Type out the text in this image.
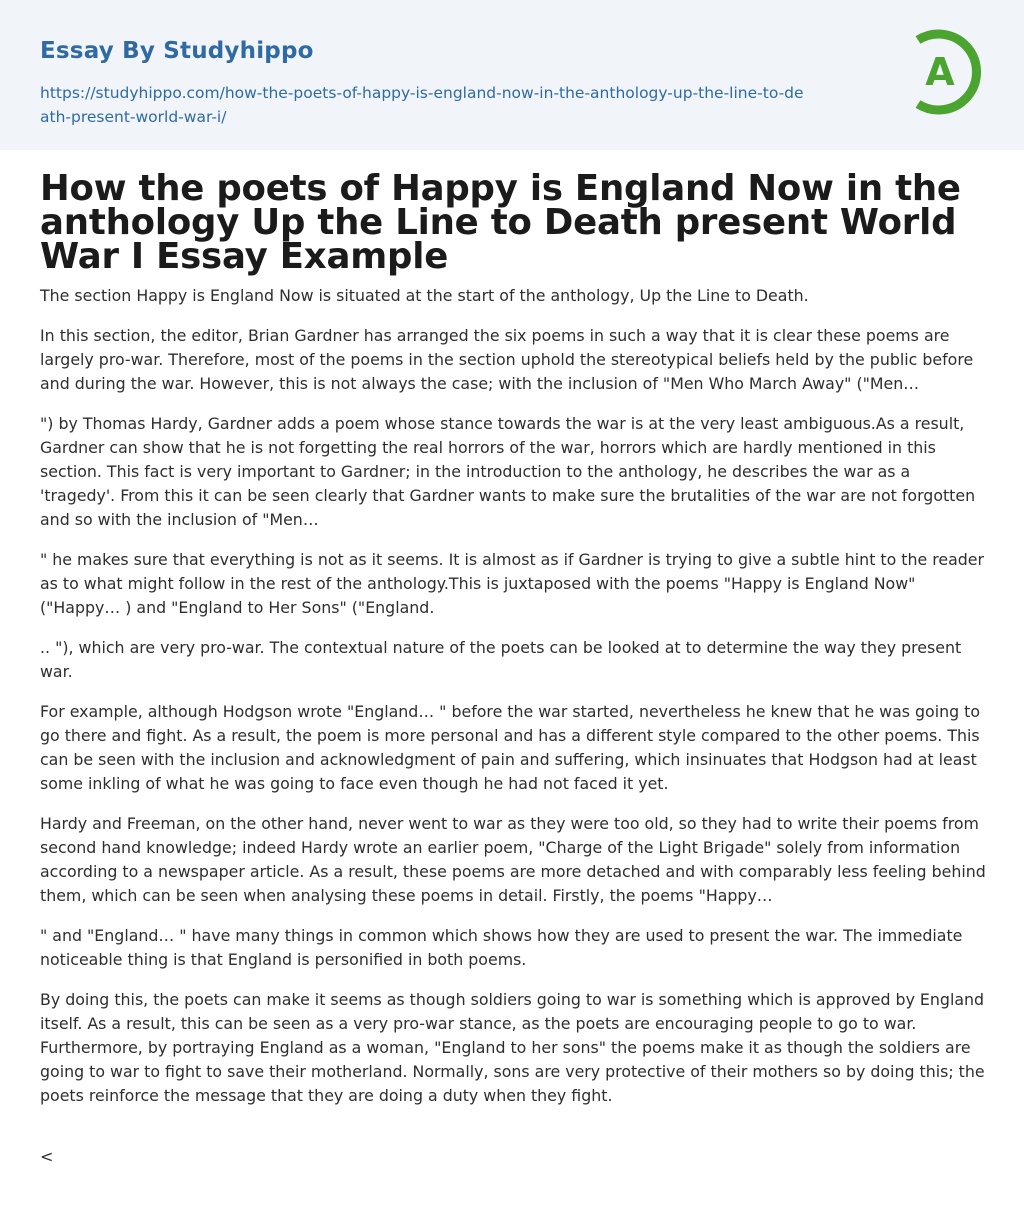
Essay By Studyhippo
https://studyhippo.com/how-the-poets-of-happy-is-england-now-in-the-anthology-up-the-line-to-death-present-world-war-i/
A
How the poets of Happy is England Now in the anthology Up the Line to Death present World War I Essay Example

The section Happy is England Now is situated at the start of the anthology, Up the Line to Death.

In this section, the editor, Brian Gardner has arranged the six poems in such a way that it is clear these poems are largely pro-war. Therefore, most of the poems in the section uphold the stereotypical beliefs held by the public before and during the war. However, this is not always the case; with the inclusion of "Men Who March Away" ("Men…

") by Thomas Hardy, Gardner adds a poem whose stance towards the war is at the very least ambiguous.As a result, Gardner can show that he is not forgetting the real horrors of the war, horrors which are hardly mentioned in this section. This fact is very important to Gardner; in the introduction to the anthology, he describes the war as a 'tragedy'. From this it can be seen clearly that Gardner wants to make sure the brutalities of the war are not forgotten and so with the inclusion of "Men…

" he makes sure that everything is not as it seems. It is almost as if Gardner is trying to give a subtle hint to the reader as to what might follow in the rest of the anthology.This is juxtaposed with the poems "Happy is England Now" ("Happy… ) and "England to Her Sons" ("England.

.. "), which are very pro-war. The contextual nature of the poets can be looked at to determine the way they present war.

For example, although Hodgson wrote "England… " before the war started, nevertheless he knew that he was going to go there and fight. As a result, the poem is more personal and has a different style compared to the other poems. This can be seen with the inclusion and acknowledgment of pain and suffering, which insinuates that Hodgson had at least some inkling of what he was going to face even though he had not faced it yet.

Hardy and Freeman, on the other hand, never went to war as they were too old, so they had to write their poems from second hand knowledge; indeed Hardy wrote an earlier poem, "Charge of the Light Brigade" solely from information according to a newspaper article. As a result, these poems are more detached and with comparably less feeling behind them, which can be seen when analysing these poems in detail. Firstly, the poems "Happy…

" and "England… " have many things in common which shows how they are used to present the war. The immediate noticeable thing is that England is personified in both poems.

By doing this, the poets can make it seems as though soldiers going to war is something which is approved by England itself. As a result, this can be seen as a very pro-war stance, as the poets are encouraging people to go to war. Furthermore, by portraying England as a woman, "England to her sons" the poems make it as though the soldiers are going to war to fight to save their motherland. Normally, sons are very protective of their mothers so by doing this; the poets reinforce the message that they are doing a duty when they fight.

<
